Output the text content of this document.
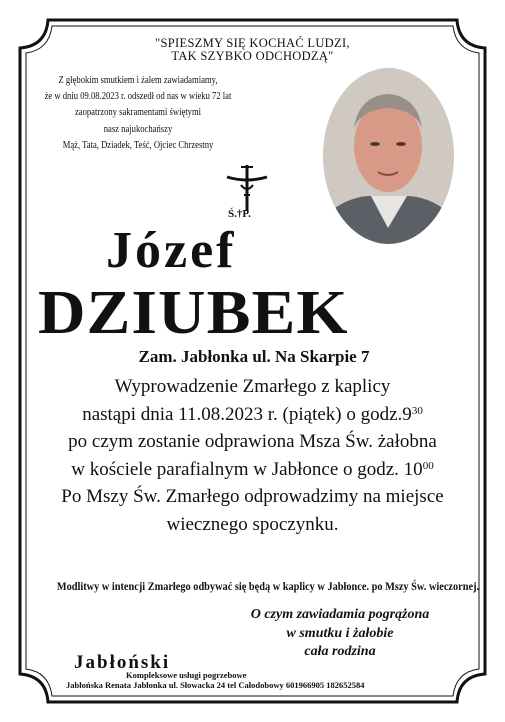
"SPIESZMY SIĘ KOCHAĆ LUDZI,
TAK SZYBKO ODCHODZĄ"
Z głębokim smutkiem i żalem zawiadamiamy,
że w dniu 09.08.2023 r. odszedł od nas w wieku 72 lat
zaopatrzony sakramentami świętymi
nasz najukochańszy
Mąż, Tata, Dziadek, Teść, Ojciec Chrzestny
Ś.†P.
Józef
DZIUBEK
Zam. Jabłonka ul. Na Skarpie 7
Wyprowadzenie Zmarłego z kaplicy
nastąpi dnia 11.08.2023 r. (piątek) o $godz.9^{30}$
po czym zostanie odprawiona Msza Św. żałobna
w kościele parafialnym w Jabłonce o godz. $10^{00}$
Po Mszy Św. Zmarłego odprowadzimy na miejsce
wiecznego spoczynku.
Modlitwy w intencji Zmarłego odbywać się będą w kaplicy w Jabłonce. po Mszy Św. wieczornej.
O czym zawiadamia pogrążona
w smutku i żałobie
cała rodzina
Jabłoński
Kompleksowe usługi pogrzebowe
Jabłońska Renata Jabłonka ul. Słowacka 24 tel Całodobowy 601966905 182652584
